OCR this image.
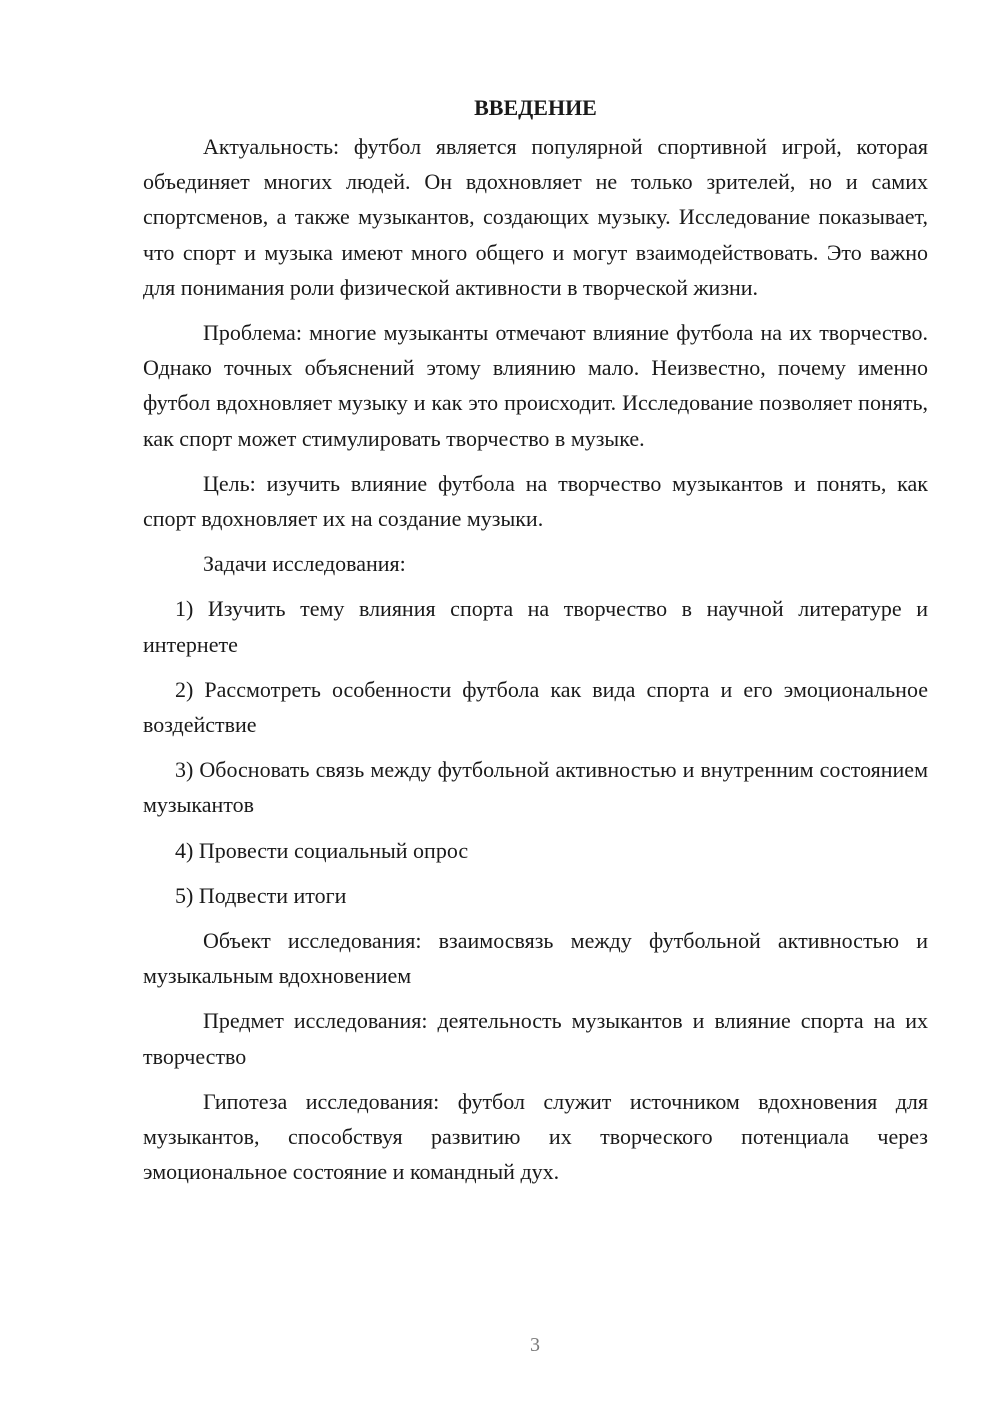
ВВЕДЕНИЕ

Актуальность: футбол является популярной спортивной игрой, которая объединяет многих людей. Он вдохновляет не только зрителей, но и самих спортсменов, а также музыкантов, создающих музыку. Исследование показывает, что спорт и музыка имеют много общего и могут взаимодействовать. Это важно для понимания роли физической активности в творческой жизни.

Проблема: многие музыканты отмечают влияние футбола на их творчество. Однако точных объяснений этому влиянию мало. Неизвестно, почему именно футбол вдохновляет музыку и как это происходит. Исследование позволяет понять, как спорт может стимулировать творчество в музыке.

Цель: изучить влияние футбола на творчество музыкантов и понять, как спорт вдохновляет их на создание музыки.

Задачи исследования:

1) Изучить тему влияния спорта на творчество в научной литературе и интернете

2) Рассмотреть особенности футбола как вида спорта и его эмоциональное воздействие

3) Обосновать связь между футбольной активностью и внутренним состоянием музыкантов

4) Провести социальный опрос

5) Подвести итоги

Объект исследования: взаимосвязь между футбольной активностью и музыкальным вдохновением

Предмет исследования: деятельность музыкантов и влияние спорта на их творчество

Гипотеза исследования: футбол служит источником вдохновения для музыкантов, способствуя развитию их творческого потенциала через эмоциональное состояние и командный дух.

3
